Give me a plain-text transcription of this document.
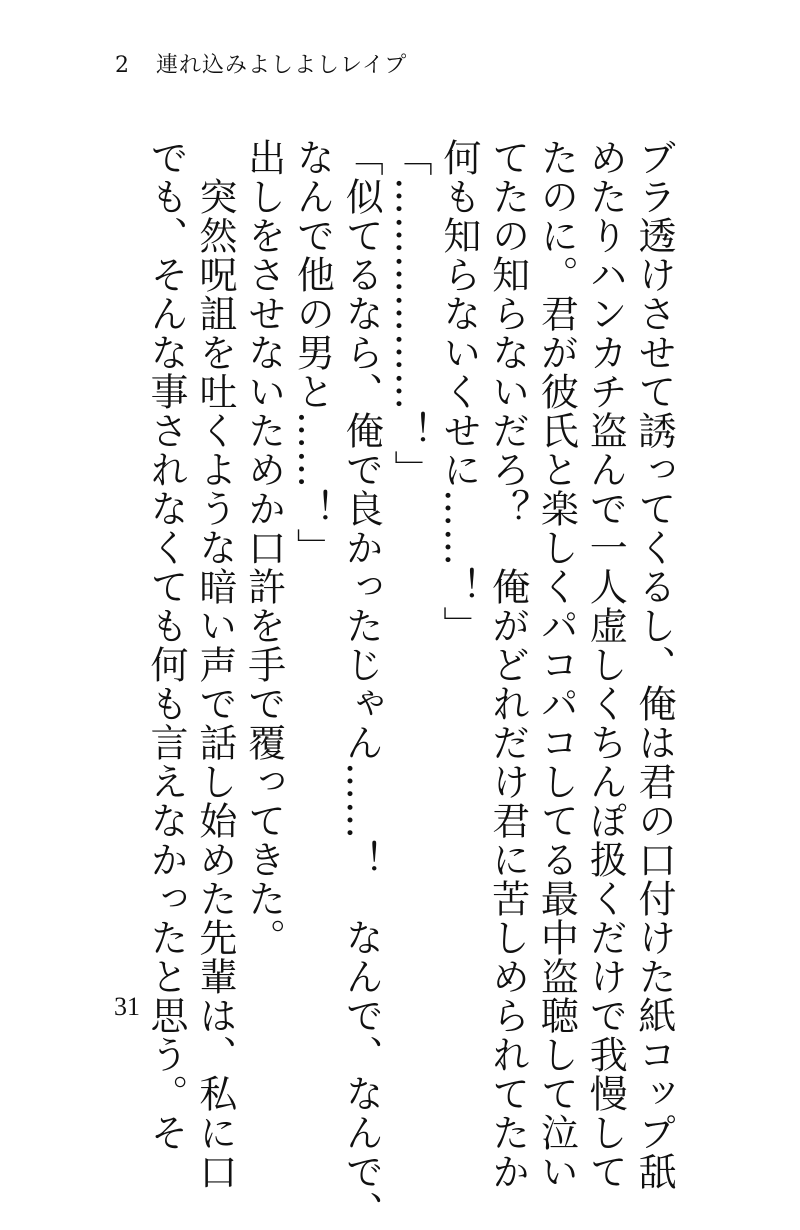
2 連れ込みよしよしレイプ
ブラ透けさせて誘ってくるし、俺は君の口付けた紙コップ舐
めたりハンカチ盗んで一人虚しくちんぽ扱くだけで我慢して
たのに。君が彼氏と楽しくパコパコしてる最中盗聴して泣い
てたの知らないだろ？　俺がどれだけ君に苦しめられてたか
何も知らないくせに……！」
「………………！」
「似てるなら、俺で良かったじゃん……！　なんで、なんで、
なんで他の男と……！」
出しをさせないためか口許を手で覆ってきた。
　突然呪詛を吐くような暗い声で話し始めた先輩は、私に口
でも、そんな事されなくても何も言えなかったと思う。そ
31
